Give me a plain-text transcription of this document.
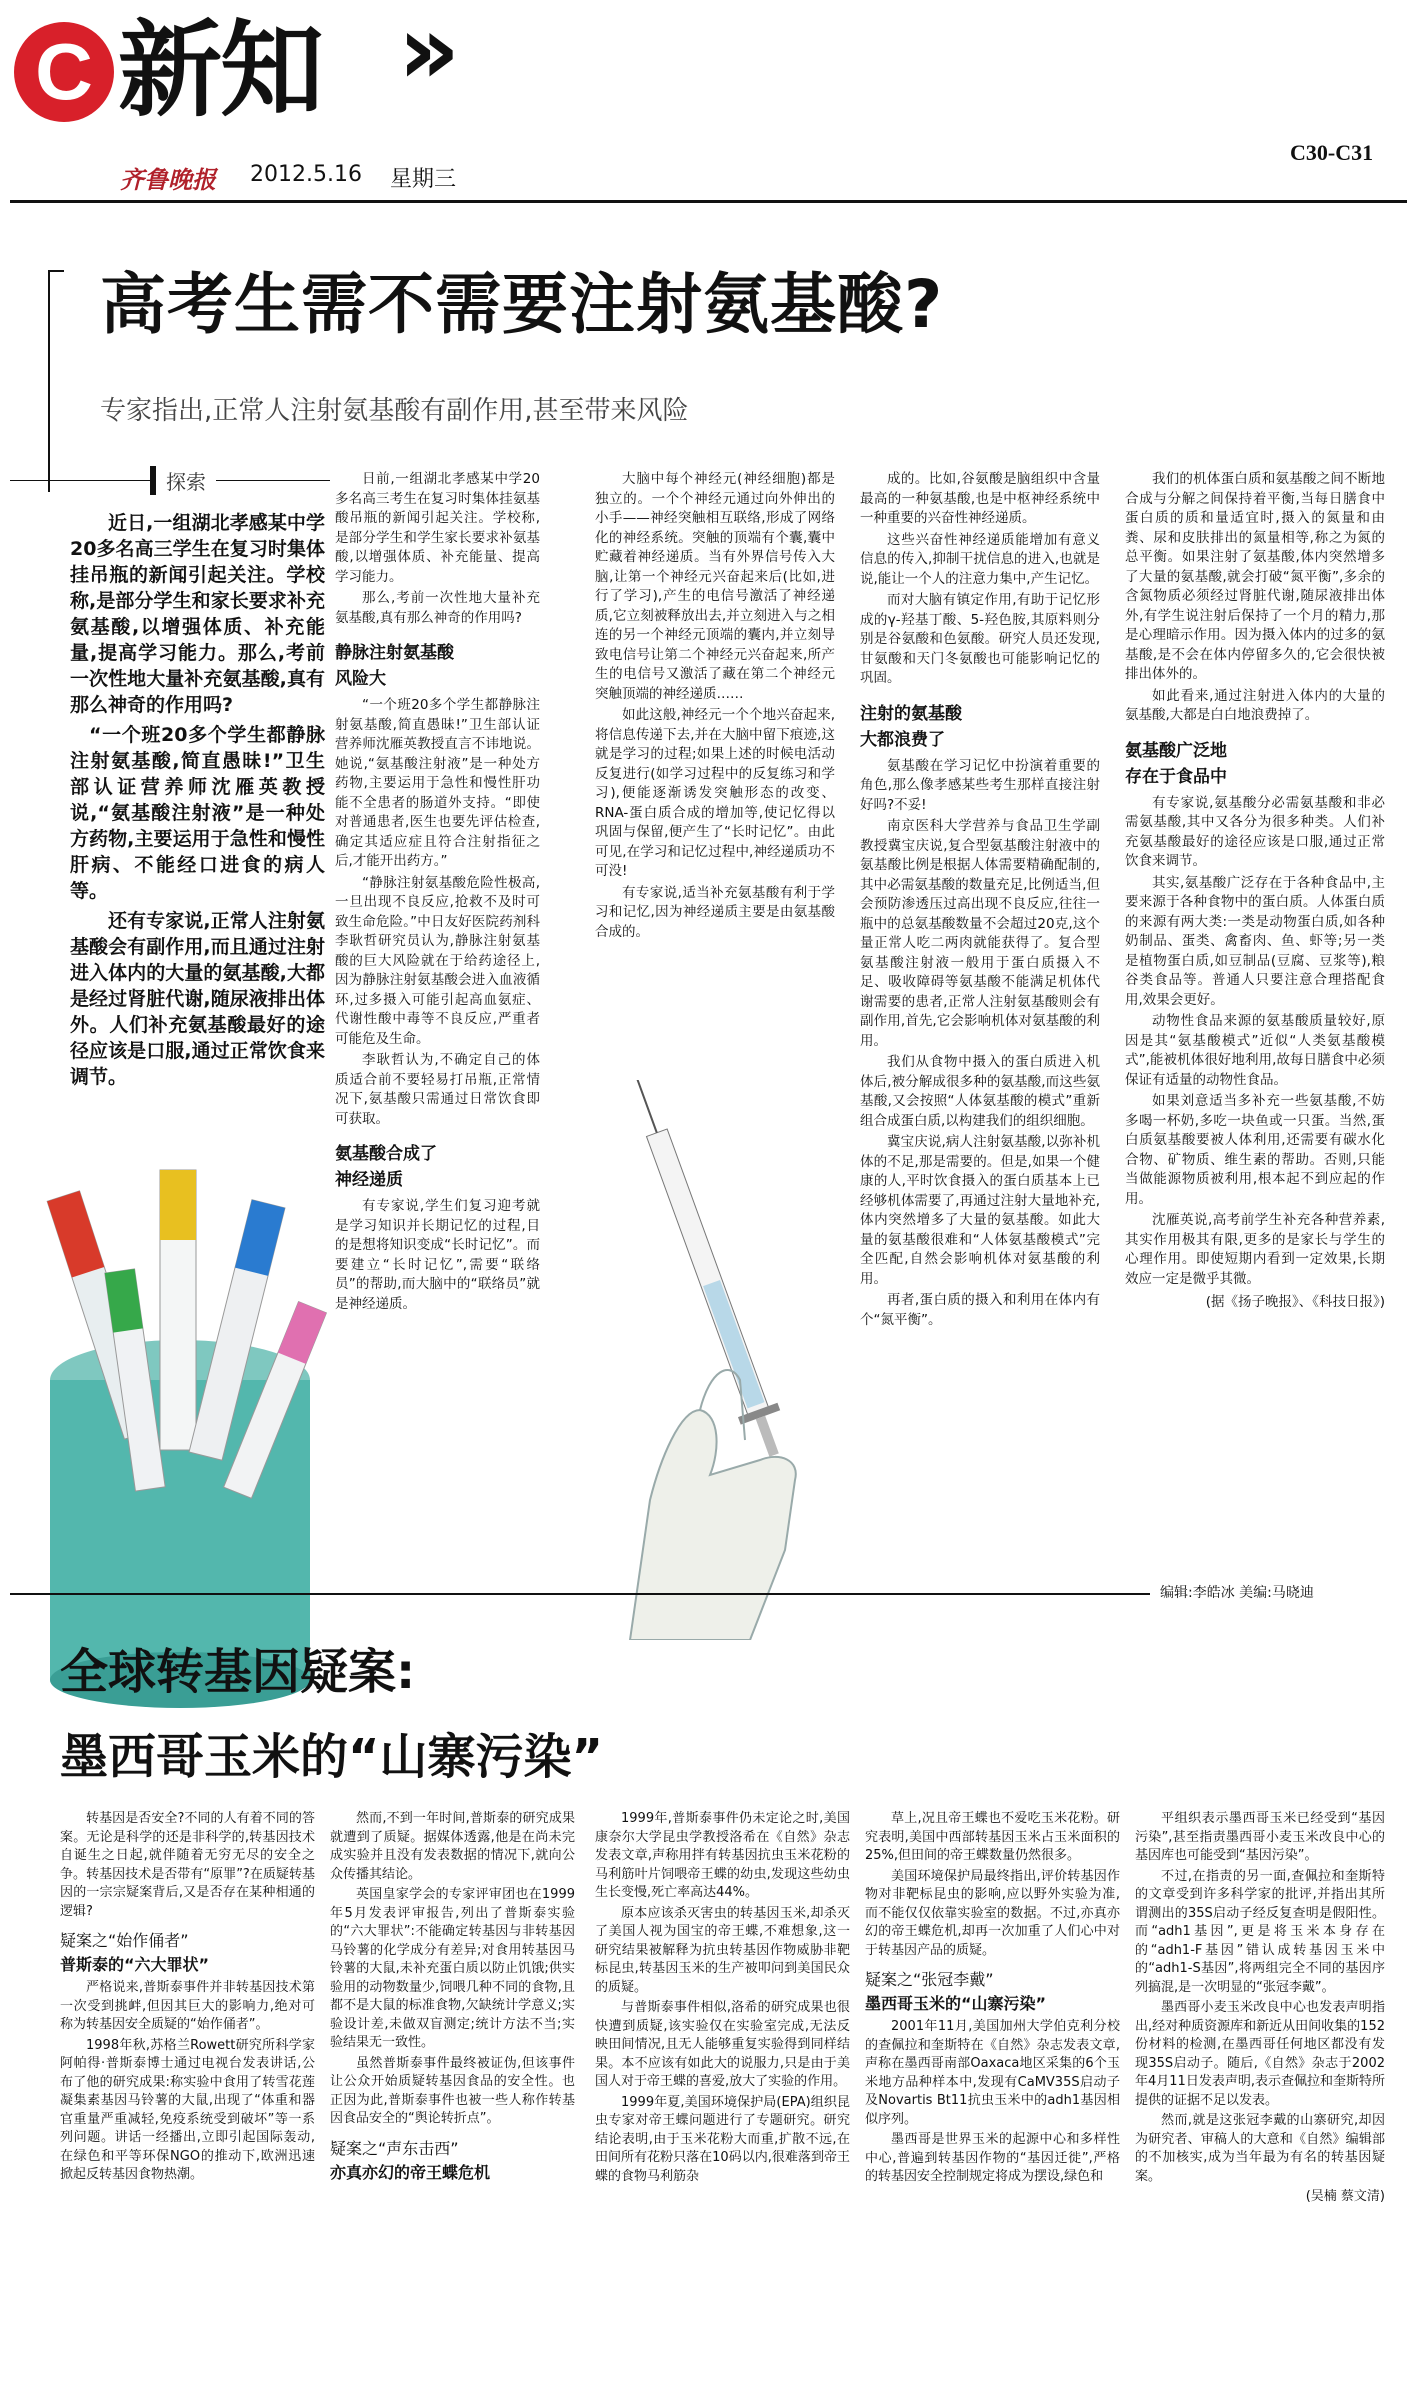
C 新知 »
齐鲁晚报 2012.5.16 星期三
C30-C31
高考生需不需要注射氨基酸?
专家指出,正常人注射氨基酸有副作用,甚至带来风险
探索

近日,一组湖北孝感某中学20多名高三学生在复习时集体挂吊瓶的新闻引起关注。学校称,是部分学生和家长要求补充氨基酸,以增强体质、补充能量,提高学习能力。那么,考前一次性地大量补充氨基酸,真有那么神奇的作用吗?

“一个班20多个学生都静脉注射氨基酸,简直愚昧!”卫生部认证营养师沈雁英教授说,“氨基酸注射液”是一种处方药物,主要运用于急性和慢性肝病、不能经口进食的病人等。

还有专家说,正常人注射氨基酸会有副作用,而且通过注射进入体内的大量的氨基酸,大都是经过肾脏代谢,随尿液排出体外。人们补充氨基酸最好的途径应该是口服,通过正常饮食来调节。

日前,一组湖北孝感某中学20多名高三考生在复习时集体挂氨基酸吊瓶的新闻引起关注。学校称,是部分学生和学生家长要求补氨基酸,以增强体质、补充能量、提高学习能力。

那么,考前一次性地大量补充氨基酸,真有那么神奇的作用吗?

静脉注射氨基酸
风险大

“一个班20多个学生都静脉注射氨基酸,简直愚昧!”卫生部认证营养师沈雁英教授直言不讳地说。她说,“氨基酸注射液”是一种处方药物,主要运用于急性和慢性肝功能不全患者的肠道外支持。“即使对普通患者,医生也要先评估检查,确定其适应症且符合注射指征之后,才能开出药方。”

“静脉注射氨基酸危险性极高,一旦出现不良反应,抢救不及时可致生命危险。”中日友好医院药剂科李耿哲研究员认为,静脉注射氨基酸的巨大风险就在于给药途径上,因为静脉注射氨基酸会进入血液循环,过多摄入可能引起高血氨症、代谢性酸中毒等不良反应,严重者可能危及生命。

李耿哲认为,不确定自己的体质适合前不要轻易打吊瓶,正常情况下,氨基酸只需通过日常饮食即可获取。

氨基酸合成了
神经递质

有专家说,学生们复习迎考就是学习知识并长期记忆的过程,目的是想将知识变成“长时记忆”。而要建立“长时记忆”,需要“联络员”的帮助,而大脑中的“联络员”就是神经递质。

大脑中每个神经元(神经细胞)都是独立的。一个个神经元通过向外伸出的小手——神经突触相互联络,形成了网络化的神经系统。突触的顶端有个囊,囊中贮藏着神经递质。当有外界信号传入大脑,让第一个神经元兴奋起来后(比如,进行了学习),产生的电信号激活了神经递质,它立刻被释放出去,并立刻进入与之相连的另一个神经元顶端的囊内,并立刻导致电信号让第二个神经元兴奋起来,所产生的电信号又激活了藏在第二个神经元突触顶端的神经递质……

如此这般,神经元一个个地兴奋起来,将信息传递下去,并在大脑中留下痕迹,这就是学习的过程;如果上述的时候电活动反复进行(如学习过程中的反复练习和学习),便能逐渐诱发突触形态的改变、RNA-蛋白质合成的增加等,使记忆得以巩固与保留,便产生了“长时记忆”。由此可见,在学习和记忆过程中,神经递质功不可没!

有专家说,适当补充氨基酸有利于学习和记忆,因为神经递质主要是由氨基酸合成的。

成的。比如,谷氨酸是脑组织中含量最高的一种氨基酸,也是中枢神经系统中一种重要的兴奋性神经递质。

这些兴奋性神经递质能增加有意义信息的传入,抑制干扰信息的进入,也就是说,能让一个人的注意力集中,产生记忆。

而对大脑有镇定作用,有助于记忆形成的γ-羟基丁酸、5-羟色胺,其原料则分别是谷氨酸和色氨酸。研究人员还发现,甘氨酸和天门冬氨酸也可能影响记忆的巩固。

注射的氨基酸
大都浪费了

氨基酸在学习记忆中扮演着重要的角色,那么像孝感某些考生那样直接注射好吗?不妥!

南京医科大学营养与食品卫生学副教授冀宝庆说,复合型氨基酸注射液中的氨基酸比例是根据人体需要精确配制的,其中必需氨基酸的数量充足,比例适当,但会预防渗透压过高出现不良反应,往往一瓶中的总氨基酸数量不会超过20克,这个量正常人吃二两肉就能获得了。复合型氨基酸注射液一般用于蛋白质摄入不足、吸收障碍等氨基酸不能满足机体代谢需要的患者,正常人注射氨基酸则会有副作用,首先,它会影响机体对氨基酸的利用。

我们从食物中摄入的蛋白质进入机体后,被分解成很多种的氨基酸,而这些氨基酸,又会按照“人体氨基酸的模式”重新组合成蛋白质,以构建我们的组织细胞。

冀宝庆说,病人注射氨基酸,以弥补机体的不足,那是需要的。但是,如果一个健康的人,平时饮食摄入的蛋白质基本上已经够机体需要了,再通过注射大量地补充,体内突然增多了大量的氨基酸。如此大量的氨基酸很难和“人体氨基酸模式”完全匹配,自然会影响机体对氨基酸的利用。

再者,蛋白质的摄入和利用在体内有个“氮平衡”。

我们的机体蛋白质和氨基酸之间不断地合成与分解之间保持着平衡,当每日膳食中蛋白质的质和量适宜时,摄入的氮量和由粪、尿和皮肤排出的氮量相等,称之为氮的总平衡。如果注射了氨基酸,体内突然增多了大量的氨基酸,就会打破“氮平衡”,多余的含氮物质必须经过肾脏代谢,随尿液排出体外,有学生说注射后保持了一个月的精力,那是心理暗示作用。因为摄入体内的过多的氨基酸,是不会在体内停留多久的,它会很快被排出体外的。

如此看来,通过注射进入体内的大量的氨基酸,大都是白白地浪费掉了。

氨基酸广泛地
存在于食品中

有专家说,氨基酸分必需氨基酸和非必需氨基酸,其中又各分为很多种类。人们补充氨基酸最好的途径应该是口服,通过正常饮食来调节。

其实,氨基酸广泛存在于各种食品中,主要来源于各种食物中的蛋白质。人体蛋白质的来源有两大类:一类是动物蛋白质,如各种奶制品、蛋类、禽畜肉、鱼、虾等;另一类是植物蛋白质,如豆制品(豆腐、豆浆等),粮谷类食品等。普通人只要注意合理搭配食用,效果会更好。

动物性食品来源的氨基酸质量较好,原因是其“氨基酸模式”近似“人类氨基酸模式”,能被机体很好地利用,故每日膳食中必须保证有适量的动物性食品。

如果刘意适当多补充一些氨基酸,不妨多喝一杯奶,多吃一块鱼或一只蛋。当然,蛋白质氨基酸要被人体利用,还需要有碳水化合物、矿物质、维生素的帮助。否则,只能当做能源物质被利用,根本起不到应起的作用。

沈雁英说,高考前学生补充各种营养素,其实作用极其有限,更多的是家长与学生的心理作用。即使短期内看到一定效果,长期效应一定是微乎其微。

(据《扬子晚报》、《科技日报》)
编辑:李皓冰 美编:马晓迪
全球转基因疑案:
墨西哥玉米的“山寨污染”

转基因是否安全?不同的人有着不同的答案。无论是科学的还是非科学的,转基因技术自诞生之日起,就伴随着无穷无尽的安全之争。转基因技术是否带有“原罪”?在质疑转基因的一宗宗疑案背后,又是否存在某种相通的逻辑?

疑案之“始作俑者”
普斯泰的“六大罪状”

严格说来,普斯泰事件并非转基因技术第一次受到挑衅,但因其巨大的影响力,绝对可称为转基因安全质疑的“始作俑者”。

1998年秋,苏格兰Rowett研究所科学家阿帕得·普斯泰博士通过电视台发表讲话,公布了他的研究成果:称实验中食用了转雪花莲凝集素基因马铃薯的大鼠,出现了“体重和器官重量严重减轻,免疫系统受到破坏”等一系列问题。讲话一经播出,立即引起国际轰动,在绿色和平等环保NGO的推动下,欧洲迅速掀起反转基因食物热潮。

然而,不到一年时间,普斯泰的研究成果就遭到了质疑。据媒体透露,他是在尚未完成实验并且没有发表数据的情况下,就向公众传播其结论。

英国皇家学会的专家评审团也在1999年5月发表评审报告,列出了普斯泰实验的“六大罪状”:不能确定转基因与非转基因马铃薯的化学成分有差异;对食用转基因马铃薯的大鼠,未补充蛋白质以防止饥饿;供实验用的动物数量少,饲喂几种不同的食物,且都不是大鼠的标准食物,欠缺统计学意义;实验设计差,未做双盲测定;统计方法不当;实验结果无一致性。

虽然普斯泰事件最终被证伪,但该事件让公众开始质疑转基因食品的安全性。也正因为此,普斯泰事件也被一些人称作转基因食品安全的“舆论转折点”。

疑案之“声东击西”
亦真亦幻的帝王蝶危机

1999年,普斯泰事件仍未定论之时,美国康奈尔大学昆虫学教授洛希在《自然》杂志发表文章,声称用拌有转基因抗虫玉米花粉的马利筋叶片饲喂帝王蝶的幼虫,发现这些幼虫生长变慢,死亡率高达44%。

原本应该杀灭害虫的转基因玉米,却杀灭了美国人视为国宝的帝王蝶,不难想象,这一研究结果被解释为抗虫转基因作物威胁非靶标昆虫,转基因玉米的生产被叩问到美国民众的质疑。

与普斯泰事件相似,洛希的研究成果也很快遭到质疑,该实验仅在实验室完成,无法反映田间情况,且无人能够重复实验得到同样结果。本不应该有如此大的说服力,只是由于美国人对于帝王蝶的喜爱,放大了实验的作用。

1999年夏,美国环境保护局(EPA)组织昆虫专家对帝王蝶问题进行了专题研究。研究结论表明,由于玉米花粉大而重,扩散不远,在田间所有花粉只落在10码以内,很难落到帝王蝶的食物马利筋杂

草上,况且帝王蝶也不爱吃玉米花粉。研究表明,美国中西部转基因玉米占玉米面积的25%,但田间的帝王蝶数量仍然很多。

美国环境保护局最终指出,评价转基因作物对非靶标昆虫的影响,应以野外实验为准,而不能仅仅依靠实验室的数据。不过,亦真亦幻的帝王蝶危机,却再一次加重了人们心中对于转基因产品的质疑。

疑案之“张冠李戴”
墨西哥玉米的“山寨污染”

2001年11月,美国加州大学伯克利分校的查佩拉和奎斯特在《自然》杂志发表文章,声称在墨西哥南部Oaxaca地区采集的6个玉米地方品种样本中,发现有CaMV35S启动子及Novartis Bt11抗虫玉米中的adh1基因相似序列。

墨西哥是世界玉米的起源中心和多样性中心,普遍到转基因作物的“基因迁徙”,严格的转基因安全控制规定将成为摆设,绿色和

平组织表示墨西哥玉米已经受到“基因污染”,甚至指责墨西哥小麦玉米改良中心的基因库也可能受到“基因污染”。

不过,在指责的另一面,查佩拉和奎斯特的文章受到许多科学家的批评,并指出其所谓测出的35S启动子经反复查明是假阳性。而“adh1基因”,更是将玉米本身存在的“adh1-F基因”错认成转基因玉米中的“adh1-S基因”,将两组完全不同的基因序列搞混,是一次明显的“张冠李戴”。

墨西哥小麦玉米改良中心也发表声明指出,经对种质资源库和新近从田间收集的152份材料的检测,在墨西哥任何地区都没有发现35S启动子。随后,《自然》杂志于2002年4月11日发表声明,表示查佩拉和奎斯特所提供的证据不足以发表。

然而,就是这张冠李戴的山寨研究,却因为研究者、审稿人的大意和《自然》编辑部的不加核实,成为当年最为有名的转基因疑案。

(吴楠 蔡文清)
